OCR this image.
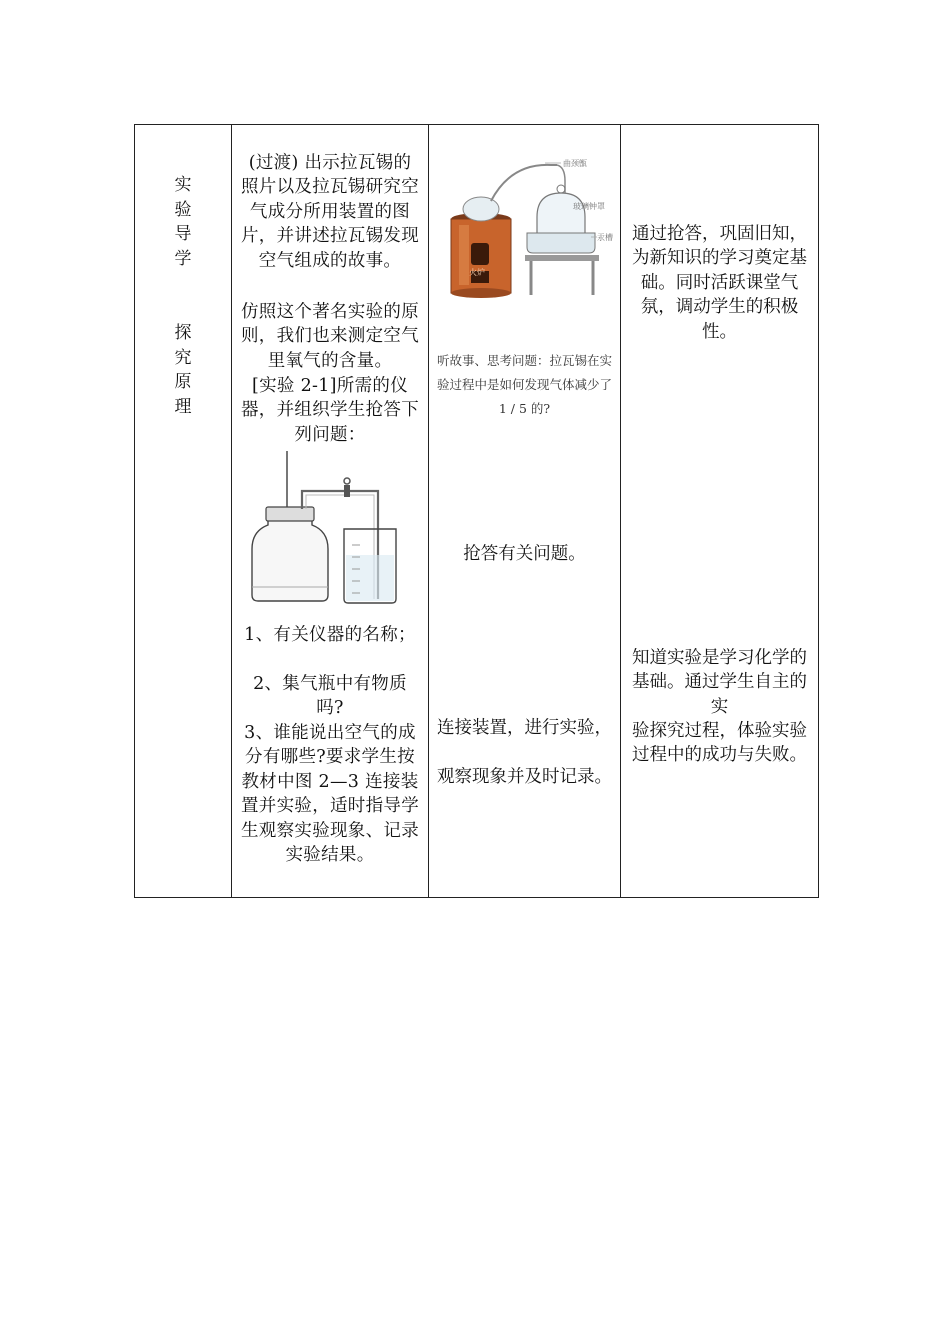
实
验
导
学
探
究
原
理

(过渡) 出示拉瓦锡的照片以及拉瓦锡研究空气成分所用装置的图片，并讲述拉瓦锡发现空气组成的故事。
仿照这个著名实验的原则，我们也来测定空气里氧气的含量。
[实验 2-1]所需的仪器，并组织学生抢答下列问题：
1、有关仪器的名称；
2、集气瓶中有物质吗?
3、谁能说出空气的成分有哪些?要求学生按教材中图 2—3 连接装置并实验，适时指导学生观察实验现象、记录实验结果。

曲颈甑
玻璃钟罩
汞槽
火炉
听故事、思考问题：拉瓦锡在实验过程中是如何发现气体减少了 1 / 5 的?
抢答有关问题。
连接装置，进行实验，
观察现象并及时记录。

通过抢答，巩固旧知，为新知识的学习奠定基础。同时活跃课堂气氛，调动学生的积极性。
知道实验是学习化学的基础。通过学生自主的实
验探究过程，体验实验过程中的成功与失败。
